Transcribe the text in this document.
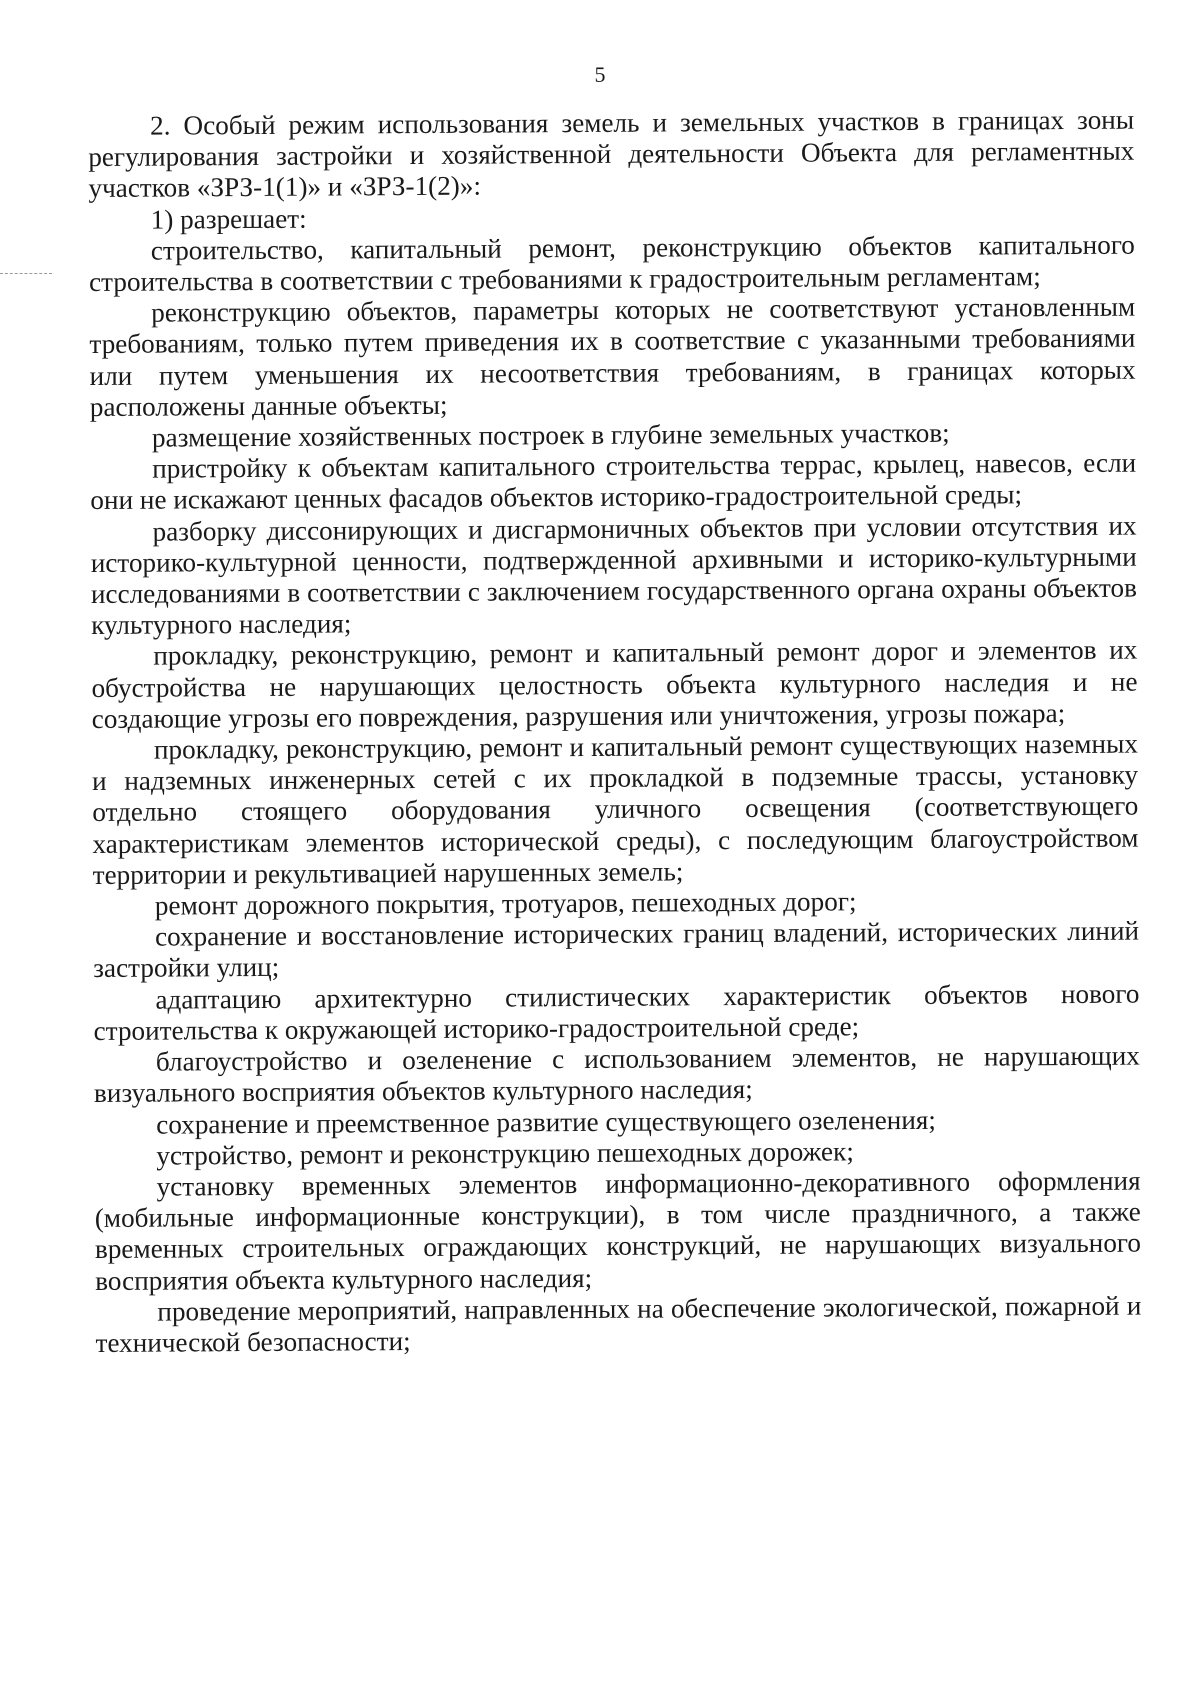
5

2. Особый режим использования земель и земельных участков в границах зоны регулирования застройки и хозяйственной деятельности Объекта для регламентных участков «ЗРЗ-1(1)» и «ЗРЗ-1(2)»:

1) разрешает:

строительство, капитальный ремонт, реконструкцию объектов капитального строительства в соответствии с требованиями к градостроительным регламентам;

реконструкцию объектов, параметры которых не соответствуют установленным требованиям, только путем приведения их в соответствие с указанными требованиями или путем уменьшения их несоответствия требованиям, в границах которых расположены данные объекты;

размещение хозяйственных построек в глубине земельных участков;

пристройку к объектам капитального строительства террас, крылец, навесов, если они не искажают ценных фасадов объектов историко-градостроительной среды;

разборку диссонирующих и дисгармоничных объектов при условии отсутствия их историко-культурной ценности, подтвержденной архивными и историко-культурными исследованиями в соответствии с заключением государственного органа охраны объектов культурного наследия;

прокладку, реконструкцию, ремонт и капитальный ремонт дорог и элементов их обустройства не нарушающих целостность объекта культурного наследия и не создающие угрозы его повреждения, разрушения или уничтожения, угрозы пожара;

прокладку, реконструкцию, ремонт и капитальный ремонт существующих наземных и надземных инженерных сетей с их прокладкой в подземные трассы, установку отдельно стоящего оборудования уличного освещения (соответствующего характеристикам элементов исторической среды), с последующим благоустройством территории и рекультивацией нарушенных земель;

ремонт дорожного покрытия, тротуаров, пешеходных дорог;

сохранение и восстановление исторических границ владений, исторических линий застройки улиц;

адаптацию архитектурно стилистических характеристик объектов нового строительства к окружающей историко-градостроительной среде;

благоустройство и озеленение с использованием элементов, не нарушающих визуального восприятия объектов культурного наследия;

сохранение и преемственное развитие существующего озеленения;

устройство, ремонт и реконструкцию пешеходных дорожек;

установку временных элементов информационно-декоративного оформления (мобильные информационные конструкции), в том числе праздничного, а также временных строительных ограждающих конструкций, не нарушающих визуального восприятия объекта культурного наследия;

проведение мероприятий, направленных на обеспечение экологической, пожарной и технической безопасности;
